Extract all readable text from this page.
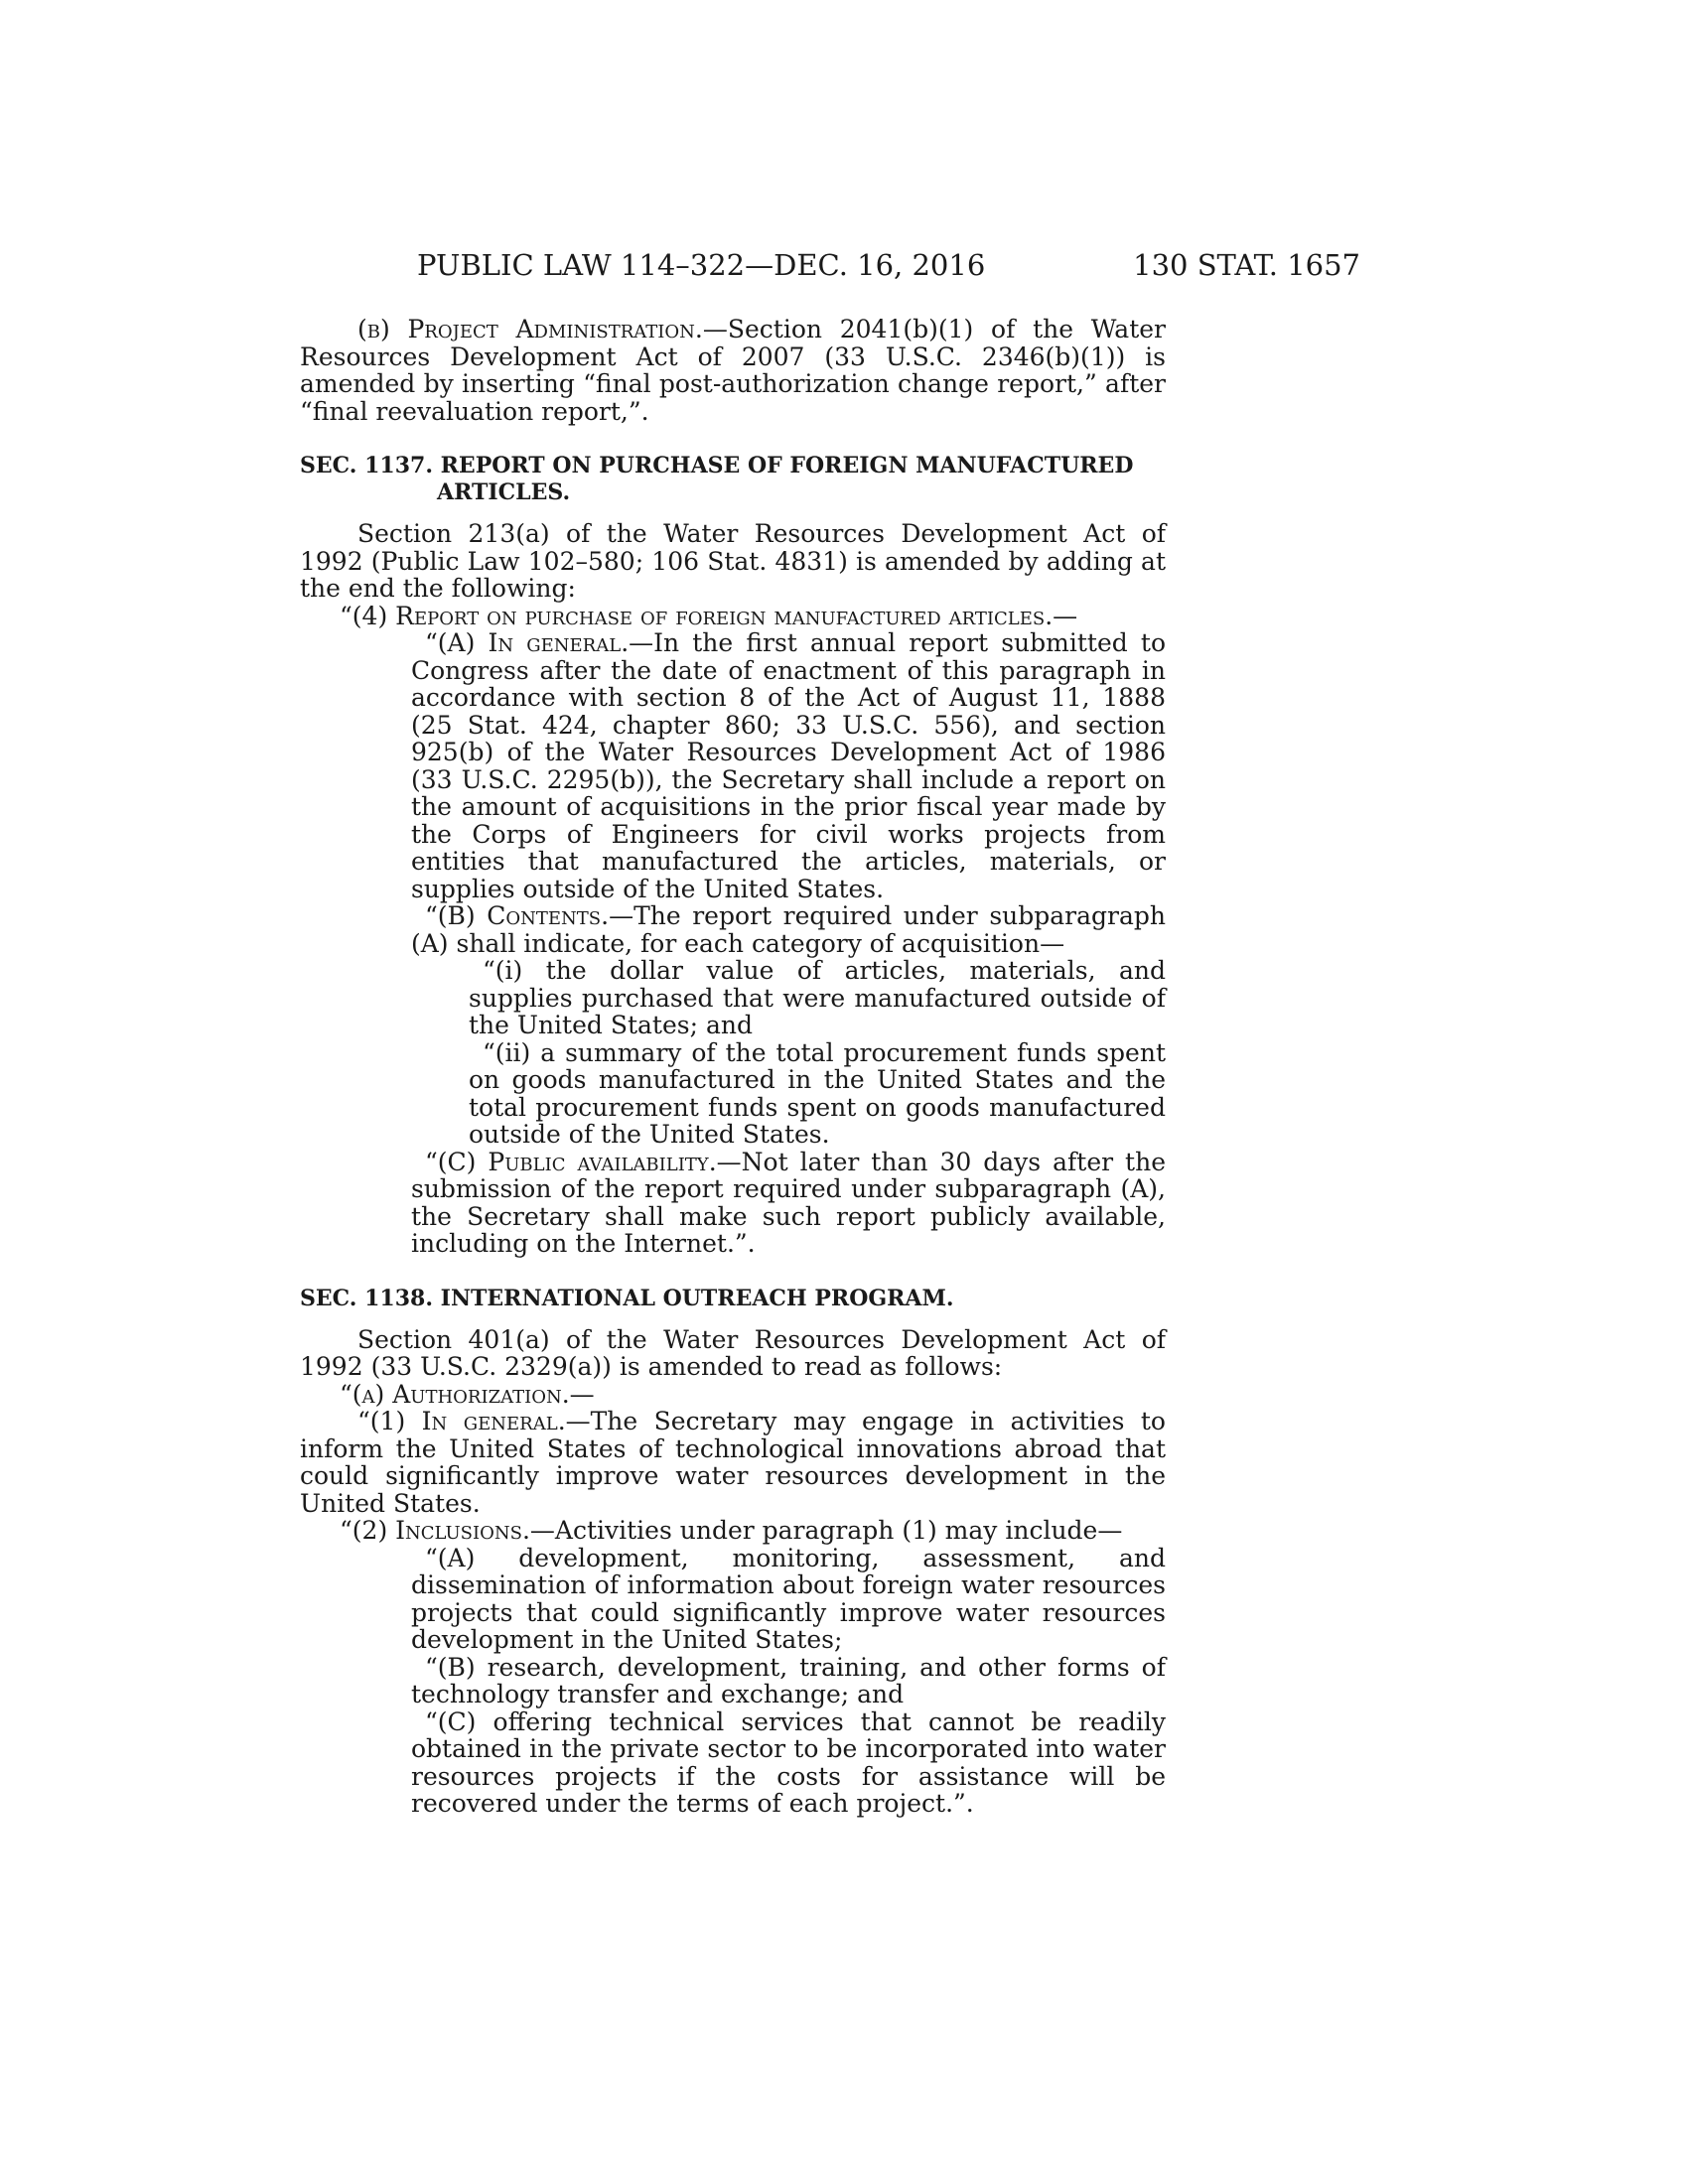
PUBLIC LAW 114–322—DEC. 16, 2016	130 STAT. 1657

(b) Project Administration.—Section 2041(b)(1) of the Water Resources Development Act of 2007 (33 U.S.C. 2346(b)(1)) is amended by inserting “final post-authorization change report,” after “final reevaluation report,”.

SEC. 1137. REPORT ON PURCHASE OF FOREIGN MANUFACTURED ARTICLES.

Section 213(a) of the Water Resources Development Act of 1992 (Public Law 102–580; 106 Stat. 4831) is amended by adding at the end the following:

“(4) Report on purchase of foreign manufactured articles.—

“(A) In general.—In the first annual report submitted to Congress after the date of enactment of this paragraph in accordance with section 8 of the Act of August 11, 1888 (25 Stat. 424, chapter 860; 33 U.S.C. 556), and section 925(b) of the Water Resources Development Act of 1986 (33 U.S.C. 2295(b)), the Secretary shall include a report on the amount of acquisitions in the prior fiscal year made by the Corps of Engineers for civil works projects from entities that manufactured the articles, materials, or supplies outside of the United States.

“(B) Contents.—The report required under subparagraph (A) shall indicate, for each category of acquisition—

“(i) the dollar value of articles, materials, and supplies purchased that were manufactured outside of the United States; and

“(ii) a summary of the total procurement funds spent on goods manufactured in the United States and the total procurement funds spent on goods manufactured outside of the United States.

“(C) Public availability.—Not later than 30 days after the submission of the report required under subparagraph (A), the Secretary shall make such report publicly available, including on the Internet.”.

SEC. 1138. INTERNATIONAL OUTREACH PROGRAM.

Section 401(a) of the Water Resources Development Act of 1992 (33 U.S.C. 2329(a)) is amended to read as follows:

“(a) Authorization.—

“(1) In general.—The Secretary may engage in activities to inform the United States of technological innovations abroad that could significantly improve water resources development in the United States.

“(2) Inclusions.—Activities under paragraph (1) may include—

“(A) development, monitoring, assessment, and dissemination of information about foreign water resources projects that could significantly improve water resources development in the United States;

“(B) research, development, training, and other forms of technology transfer and exchange; and

“(C) offering technical services that cannot be readily obtained in the private sector to be incorporated into water resources projects if the costs for assistance will be recovered under the terms of each project.”.
